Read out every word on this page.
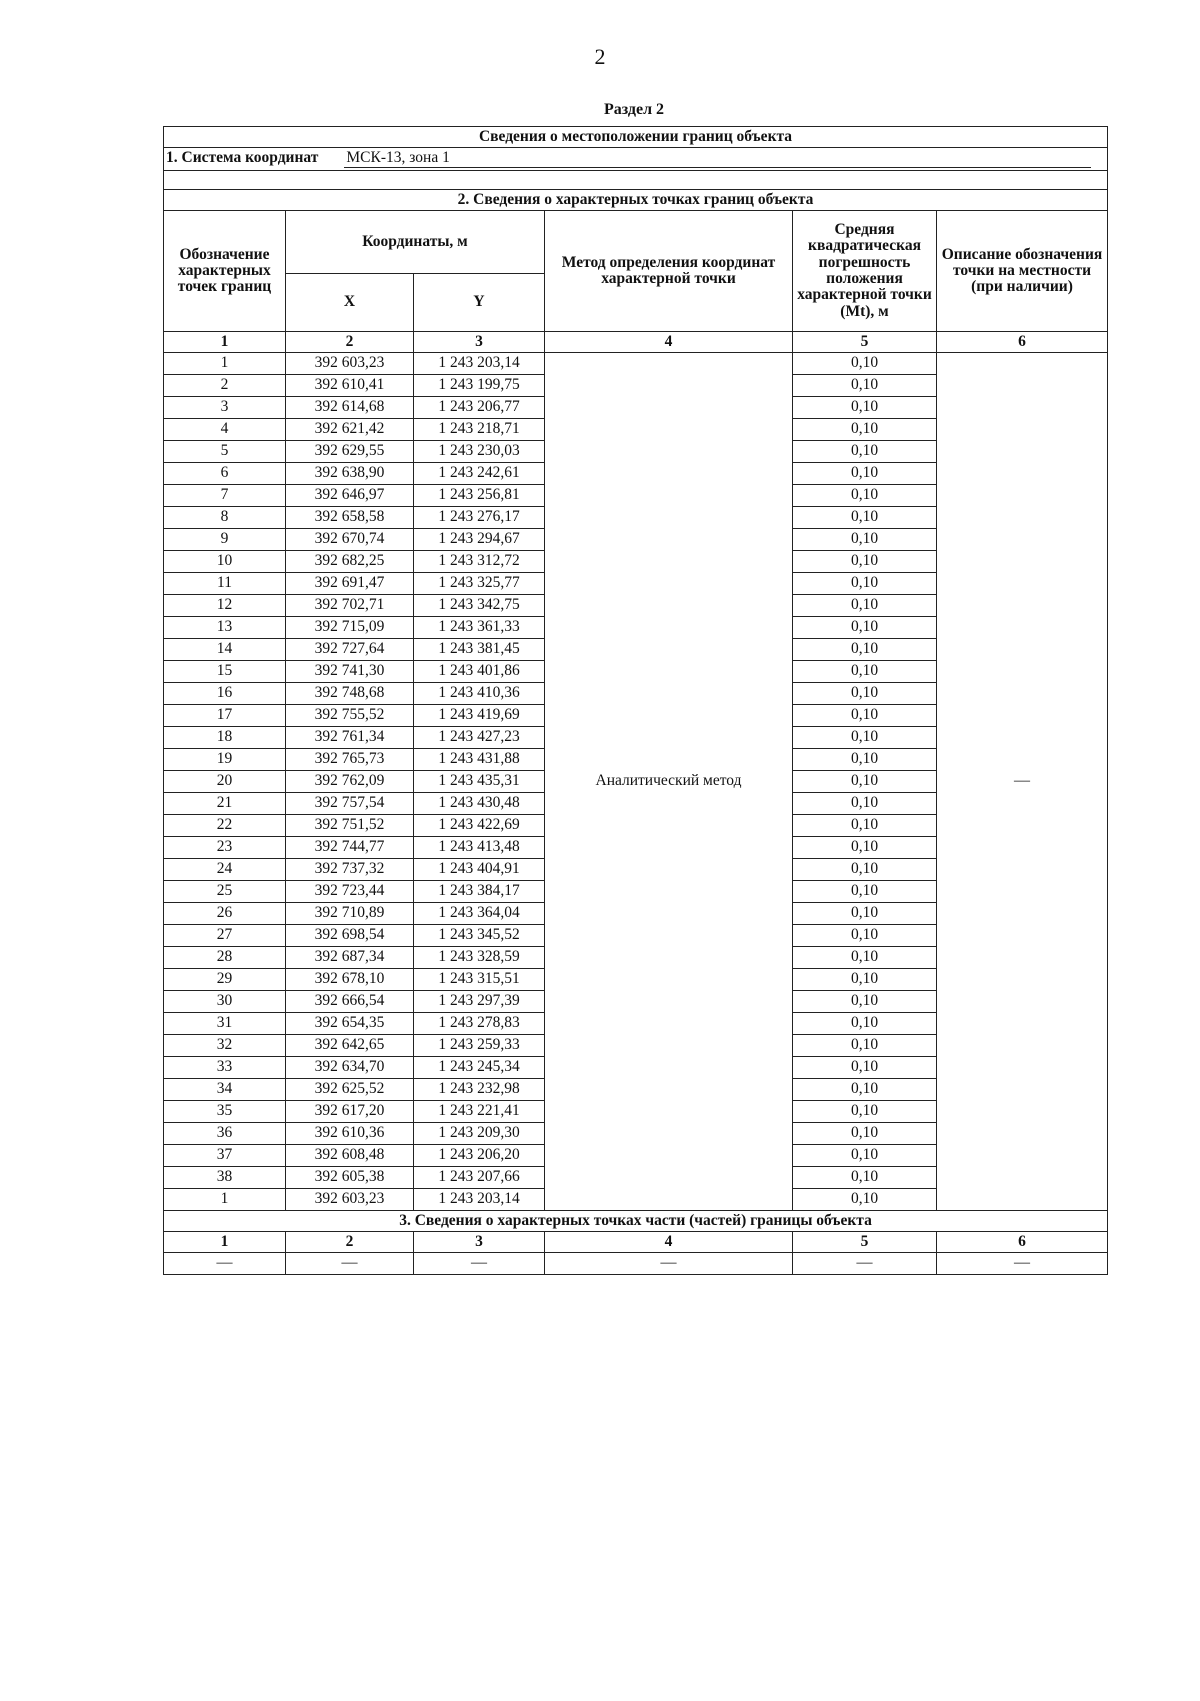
2
Раздел 2
Сведения о местоположении границ объекта					
1. Система координат МСК-13, зона 1					

2. Сведения о характерных точках границ объекта					
Обозначение характерных точек границ	Координаты, м		Метод определения координат характерной точки	Средняя квадратическая погрешность положения характерной точки (Mt), м	Описание обозначения точки на местности (при наличии)
	X	Y			
1	2	3	4	5	6
1	392 603,23	1 243 203,14	Аналитический метод	0,10	—
2	392 610,41	1 243 199,75		0,10	
3	392 614,68	1 243 206,77		0,10	
4	392 621,42	1 243 218,71		0,10	
5	392 629,55	1 243 230,03		0,10	
6	392 638,90	1 243 242,61		0,10	
7	392 646,97	1 243 256,81		0,10	
8	392 658,58	1 243 276,17		0,10	
9	392 670,74	1 243 294,67		0,10	
10	392 682,25	1 243 312,72		0,10	
11	392 691,47	1 243 325,77		0,10	
12	392 702,71	1 243 342,75		0,10	
13	392 715,09	1 243 361,33		0,10	
14	392 727,64	1 243 381,45		0,10	
15	392 741,30	1 243 401,86		0,10	
16	392 748,68	1 243 410,36		0,10	
17	392 755,52	1 243 419,69		0,10	
18	392 761,34	1 243 427,23		0,10	
19	392 765,73	1 243 431,88		0,10	
20	392 762,09	1 243 435,31		0,10	
21	392 757,54	1 243 430,48		0,10	
22	392 751,52	1 243 422,69		0,10	
23	392 744,77	1 243 413,48		0,10	
24	392 737,32	1 243 404,91		0,10	
25	392 723,44	1 243 384,17		0,10	
26	392 710,89	1 243 364,04		0,10	
27	392 698,54	1 243 345,52		0,10	
28	392 687,34	1 243 328,59		0,10	
29	392 678,10	1 243 315,51		0,10	
30	392 666,54	1 243 297,39		0,10	
31	392 654,35	1 243 278,83		0,10	
32	392 642,65	1 243 259,33		0,10	
33	392 634,70	1 243 245,34		0,10	
34	392 625,52	1 243 232,98		0,10	
35	392 617,20	1 243 221,41		0,10	
36	392 610,36	1 243 209,30		0,10	
37	392 608,48	1 243 206,20		0,10	
38	392 605,38	1 243 207,66		0,10	
1	392 603,23	1 243 203,14		0,10	
3. Сведения о характерных точках части (частей) границы объекта					
1	2	3	4	5	6
—	—	—	—	—	—
